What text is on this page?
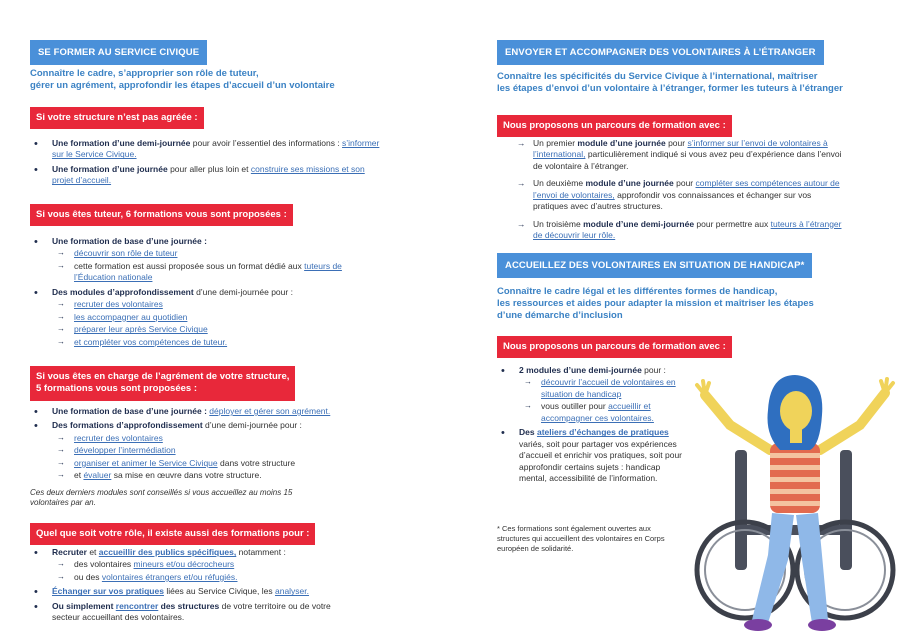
SE FORMER AU SERVICE CIVIQUE
Connaître le cadre, s’approprier son rôle de tuteur,
gérer un agrément, approfondir les étapes d’accueil d’un volontaire
Si votre structure n’est pas agréée :
• Une formation d’une demi-journée pour avoir l’essentiel des informations : s’informer sur le Service Civique.
• Une formation d’une journée pour aller plus loin et construire ses missions et son projet d’accueil.
Si vous êtes tuteur, 6 formations vous sont proposées :
• Une formation de base d’une journée :
→ découvrir son rôle de tuteur
→ cette formation est aussi proposée sous un format dédié aux tuteurs de l’Éducation nationale
• Des modules d’approfondissement d’une demi-journée pour :
→ recruter des volontaires
→ les accompagner au quotidien
→ préparer leur après Service Civique
→ et compléter vos compétences de tuteur.
Si vous êtes en charge de l’agrément de votre structure,
5 formations vous sont proposées :
• Une formation de base d’une journée : déployer et gérer son agrément.
• Des formations d’approfondissement d’une demi-journée pour :
→ recruter des volontaires
→ développer l’intermédiation
→ organiser et animer le Service Civique dans votre structure
→ et évaluer sa mise en œuvre dans votre structure.
Ces deux derniers modules sont conseillés si vous accueillez au moins 15 volontaires par an.
Quel que soit votre rôle, il existe aussi des formations pour :
• Recruter et accueillir des publics spécifiques, notamment :
→ des volontaires mineurs et/ou décrocheurs
→ ou des volontaires étrangers et/ou réfugiés.
• Échanger sur vos pratiques liées au Service Civique, les analyser.
• Ou simplement rencontrer des structures de votre territoire ou de votre secteur accueillant des volontaires.
ENVOYER ET ACCOMPAGNER DES VOLONTAIRES À L’ÉTRANGER
Connaître les spécificités du Service Civique à l’international, maîtriser
les étapes d’envoi d’un volontaire à l’étranger, former les tuteurs à l’étranger
Nous proposons un parcours de formation avec :
→ Un premier module d’une journée pour s’informer sur l’envoi de volontaires à l’international, particulièrement indiqué si vous avez peu d’expérience dans l’envoi de volontaire à l’étranger.
→ Un deuxième module d’une journée pour compléter ses compétences autour de l’envoi de volontaires, approfondir vos connaissances et échanger sur vos pratiques avec d’autres structures.
→ Un troisième module d’une demi-journée pour permettre aux tuteurs à l’étranger de découvrir leur rôle.
ACCUEILLEZ DES VOLONTAIRES EN SITUATION DE HANDICAP*
Connaître le cadre légal et les différentes formes de handicap,
les ressources et aides pour adapter la mission et maîtriser les étapes
d’une démarche d’inclusion
Nous proposons un parcours de formation avec :
• 2 modules d’une demi-journée pour :
→ découvrir l’accueil de volontaires en situation de handicap
→ vous outiller pour accueillir et accompagner ces volontaires.
• Des ateliers d’échanges de pratiques variés, soit pour partager vos expériences d’accueil et enrichir vos pratiques, soit pour approfondir certains sujets : handicap mental, accessibilité de l’information.
* Ces formations sont également ouvertes aux structures qui accueillent des volontaires en Corps européen de solidarité.
